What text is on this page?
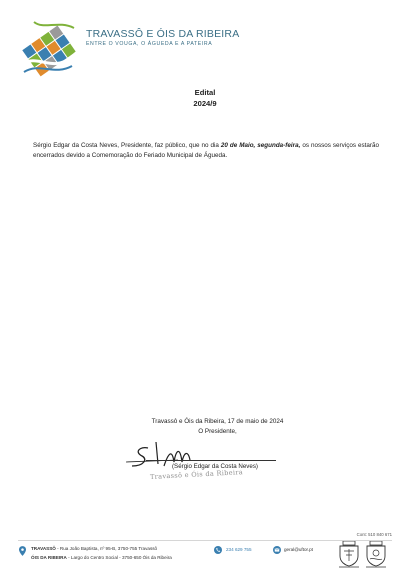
TRAVASSÔ E ÓIS DA RIBEIRA
ENTRE O VOUGA, O ÁGUEDA E A PATEIRA
Edital
2024/9
Sérgio Edgar da Costa Neves, Presidente, faz público, que no dia 20 de Maio, segunda-feira, os nossos serviços estarão encerrados devido a Comemoração do Feriado Municipal de Águeda.
Travassô e Óis da Ribeira, 17 de maio de 2024
O Presidente,
(Sérgio Edgar da Costa Neves)
Travassô e Óis da Ribeira
Cont: 510 840 671
TRAVASSÔ - Rua João Baptista, nº 95-B, 3750-755 Travassô
ÓIS DA RIBEIRA - Largo do Centro Social - 3750-650 Óis da Ribeira
234 629 755	geral@uftor.pt
